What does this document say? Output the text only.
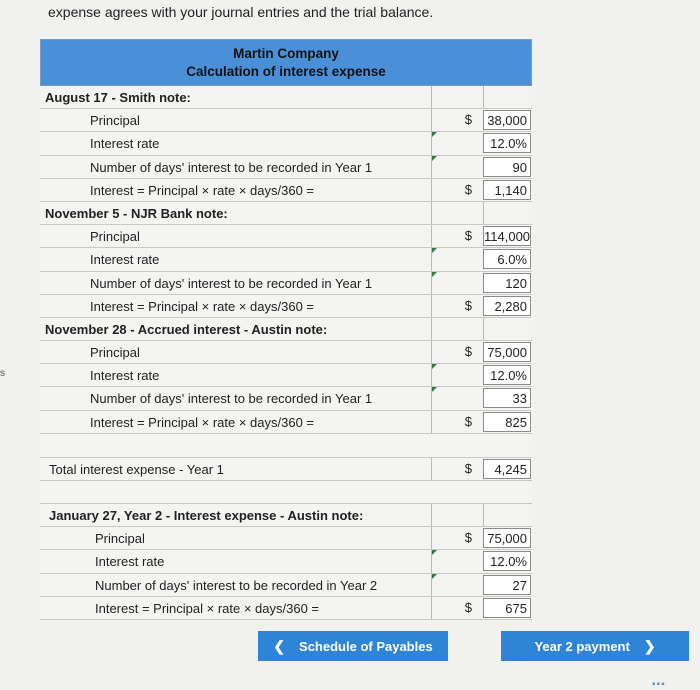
expense agrees with your journal entries and the trial balance.
s
Martin Company
Calculation of interest expense
August 17 - Smith note:
Principal	$	38,000
Interest rate	12.0%
Number of days' interest to be recorded in Year 1	90
Interest = Principal × rate × days/360 =	$	1,140
November 5 - NJR Bank note:
Principal	$ 114,000
Interest rate	6.0%
Number of days' interest to be recorded in Year 1	120
Interest = Principal × rate × days/360 =	$	2,280
November 28 - Accrued interest - Austin note:
Principal	$	75,000
Interest rate	12.0%
Number of days' interest to be recorded in Year 1	33
Interest = Principal × rate × days/360 =	$	825
Total interest expense - Year 1	$	4,245
January 27, Year 2 - Interest expense - Austin note:
Principal	$	75,000
Interest rate	12.0%
Number of days' interest to be recorded in Year 2	27
Interest = Principal × rate × days/360 =	$	675
❮ Schedule of Payables	Year 2 payment ❯
▪▪▪
